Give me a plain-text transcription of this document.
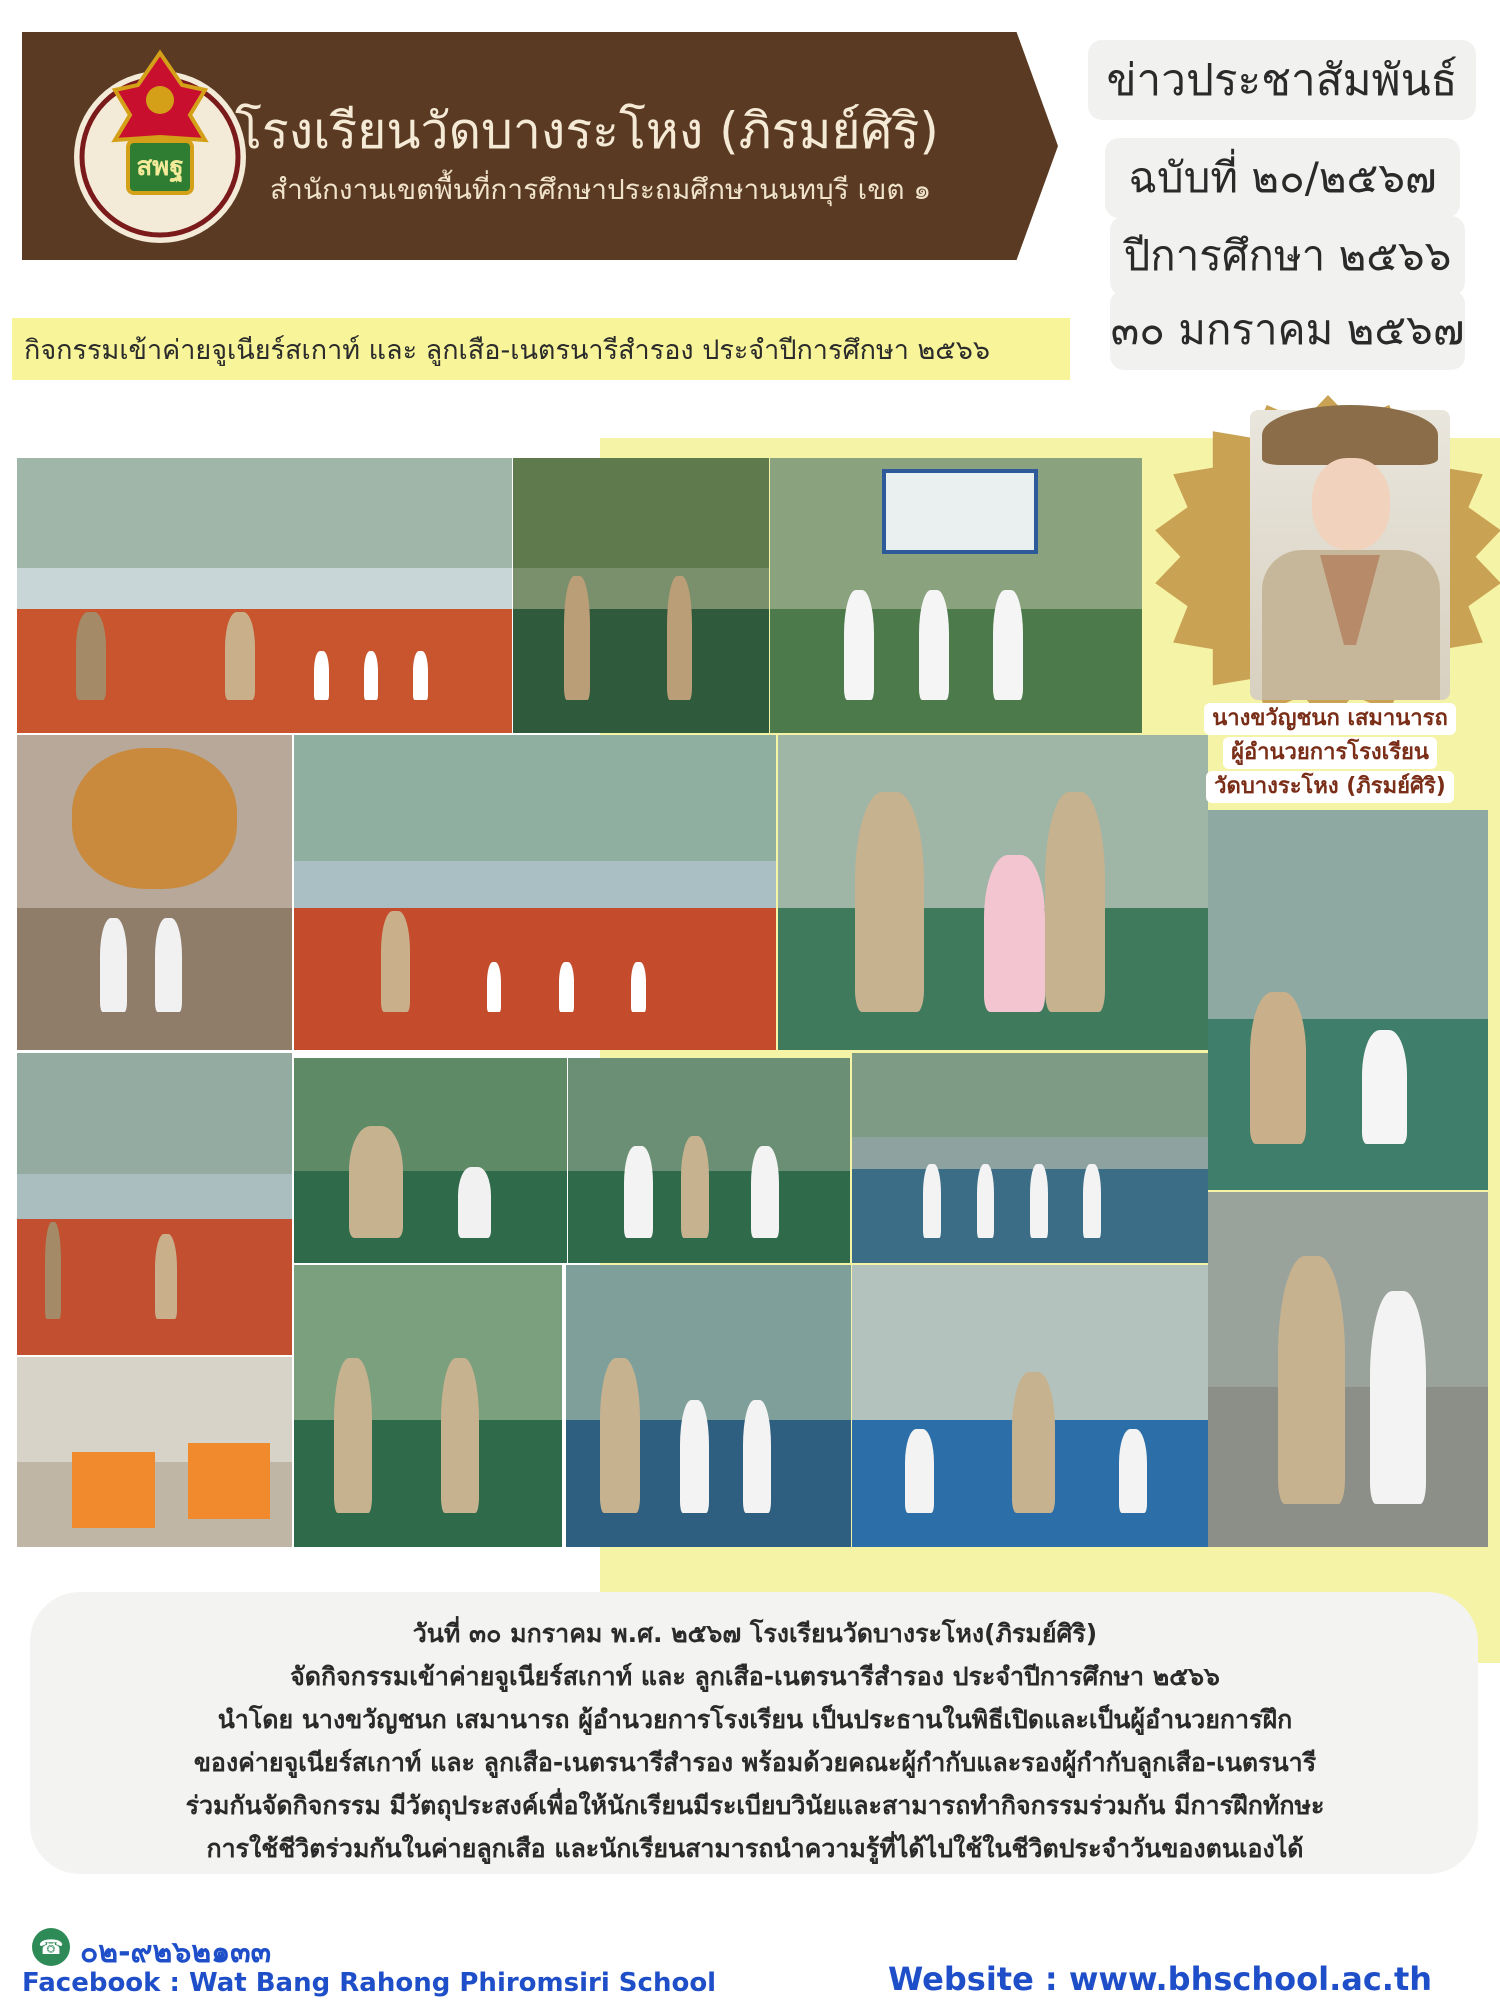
สพฐ
โรงเรียนวัดบางระโหง (ภิรมย์ศิริ)
สำนักงานเขตพื้นที่การศึกษาประถมศึกษานนทบุรี เขต ๑
ข่าวประชาสัมพันธ์
ฉบับที่ ๒๐/๒๕๖๗
ปีการศึกษา ๒๕๖๖
๓๐ มกราคม ๒๕๖๗
กิจกรรมเข้าค่ายจูเนียร์สเกาท์ และ ลูกเสือ-เนตรนารีสำรอง ประจำปีการศึกษา ๒๕๖๖
นางขวัญชนก เสมานารถ
ผู้อำนวยการโรงเรียน
วัดบางระโหง (ภิรมย์ศิริ)
วันที่ ๓๐ มกราคม พ.ศ. ๒๕๖๗ โรงเรียนวัดบางระโหง(ภิรมย์ศิริ)
จัดกิจกรรมเข้าค่ายจูเนียร์สเกาท์ และ ลูกเสือ-เนตรนารีสำรอง ประจำปีการศึกษา ๒๕๖๖
นำโดย นางขวัญชนก เสมานารถ ผู้อำนวยการโรงเรียน เป็นประธานในพิธีเปิดและเป็นผู้อำนวยการฝึก
ของค่ายจูเนียร์สเกาท์ และ ลูกเสือ-เนตรนารีสำรอง พร้อมด้วยคณะผู้กำกับและรองผู้กำกับลูกเสือ-เนตรนารี
ร่วมกันจัดกิจกรรม มีวัตถุประสงค์เพื่อให้นักเรียนมีระเบียบวินัยและสามารถทำกิจกรรมร่วมกัน มีการฝึกทักษะ
การใช้ชีวิตร่วมกันในค่ายลูกเสือ และนักเรียนสามารถนำความรู้ที่ได้ไปใช้ในชีวิตประจำวันของตนเองได้
☎ ๐๒-๙๒๖๒๑๓๓
Facebook : Wat Bang Rahong Phiromsiri School	Website : www.bhschool.ac.th
